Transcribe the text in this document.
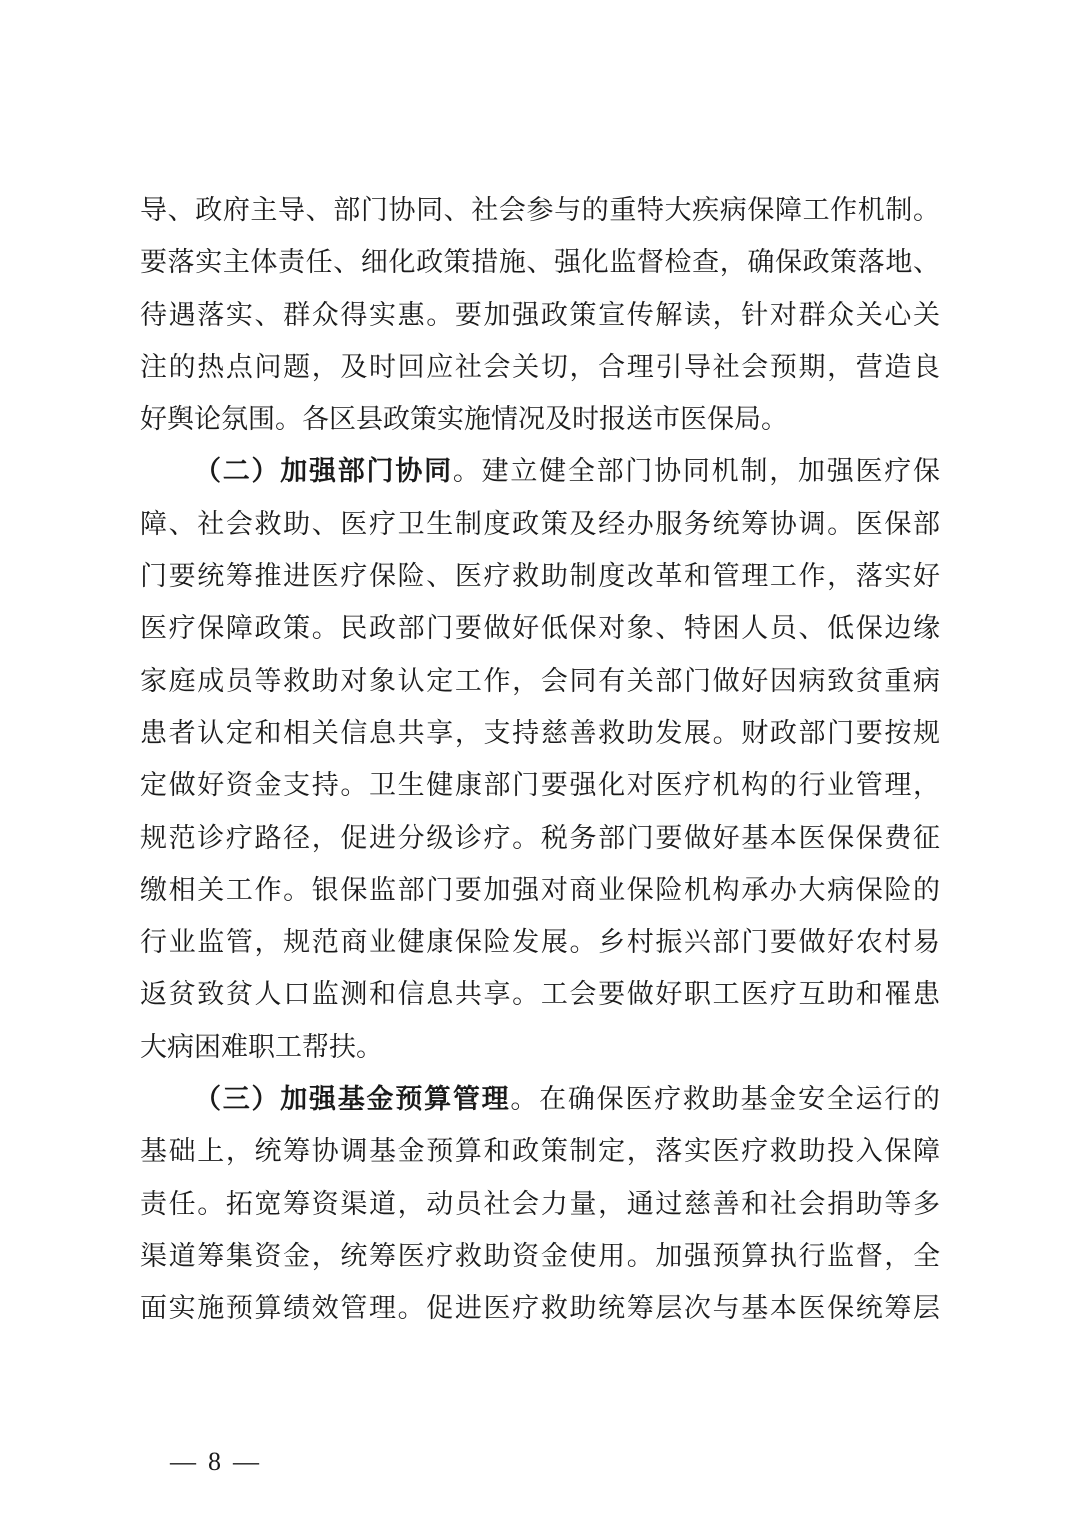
导、政府主导、部门协同、社会参与的重特大疾病保障工作机制。
要落实主体责任、细化政策措施、强化监督检查，确保政策落地、
待遇落实、群众得实惠。要加强政策宣传解读，针对群众关心关
注的热点问题，及时回应社会关切，合理引导社会预期，营造良
好舆论氛围。各区县政策实施情况及时报送市医保局。
（二）加强部门协同。建立健全部门协同机制，加强医疗保
障、社会救助、医疗卫生制度政策及经办服务统筹协调。医保部
门要统筹推进医疗保险、医疗救助制度改革和管理工作，落实好
医疗保障政策。民政部门要做好低保对象、特困人员、低保边缘
家庭成员等救助对象认定工作，会同有关部门做好因病致贫重病
患者认定和相关信息共享，支持慈善救助发展。财政部门要按规
定做好资金支持。卫生健康部门要强化对医疗机构的行业管理，
规范诊疗路径，促进分级诊疗。税务部门要做好基本医保保费征
缴相关工作。银保监部门要加强对商业保险机构承办大病保险的
行业监管，规范商业健康保险发展。乡村振兴部门要做好农村易
返贫致贫人口监测和信息共享。工会要做好职工医疗互助和罹患
大病困难职工帮扶。
（三）加强基金预算管理。在确保医疗救助基金安全运行的
基础上，统筹协调基金预算和政策制定，落实医疗救助投入保障
责任。拓宽筹资渠道，动员社会力量，通过慈善和社会捐助等多
渠道筹集资金，统筹医疗救助资金使用。加强预算执行监督，全
面实施预算绩效管理。促进医疗救助统筹层次与基本医保统筹层
— 8 —
